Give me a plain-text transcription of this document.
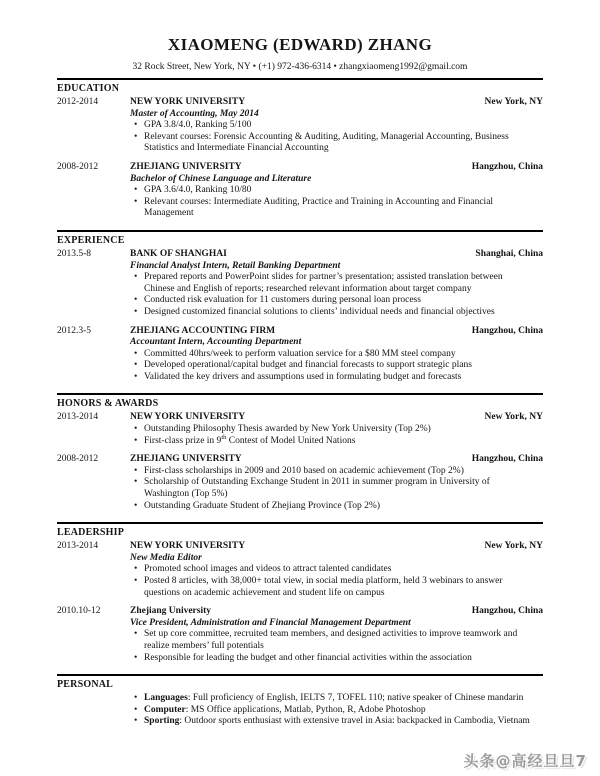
XIAOMENG (EDWARD) ZHANG
32 Rock Street, New York, NY • (+1) 972-436-6314 • zhangxiaomeng1992@gmail.com
EDUCATION
2012-2014	NEW YORK UNIVERSITY	New York, NY
Master of Accounting, May 2014
• GPA 3.8/4.0, Ranking 5/100
• Relevant courses: Forensic Accounting & Auditing, Auditing, Managerial Accounting, Business Statistics and Intermediate Financial Accounting
2008-2012	ZHEJIANG UNIVERSITY	Hangzhou, China
Bachelor of Chinese Language and Literature
• GPA 3.6/4.0, Ranking 10/80
• Relevant courses: Intermediate Auditing, Practice and Training in Accounting and Financial Management
EXPERIENCE
2013.5-8	BANK OF SHANGHAI	Shanghai, China
Financial Analyst Intern, Retail Banking Department
• Prepared reports and PowerPoint slides for partner’s presentation; assisted translation between Chinese and English of reports; researched relevant information about target company
• Conducted risk evaluation for 11 customers during personal loan process
• Designed customized financial solutions to clients’ individual needs and financial objectives
2012.3-5	ZHEJIANG ACCOUNTING FIRM	Hangzhou, China
Accountant Intern, Accounting Department
• Committed 40hrs/week to perform valuation service for a $80 MM steel company
• Developed operational/capital budget and financial forecasts to support strategic plans
• Validated the key drivers and assumptions used in formulating budget and forecasts
HONORS & AWARDS
2013-2014	NEW YORK UNIVERSITY	New York, NY
• Outstanding Philosophy Thesis awarded by New York University (Top 2%)
• First-class prize in 9th Contest of Model United Nations
2008-2012	ZHEJIANG UNIVERSITY	Hangzhou, China
• First-class scholarships in 2009 and 2010 based on academic achievement (Top 2%)
• Scholarship of Outstanding Exchange Student in 2011 in summer program in University of Washington (Top 5%)
• Outstanding Graduate Student of Zhejiang Province (Top 2%)
LEADERSHIP
2013-2014	NEW YORK UNIVERSITY	New York, NY
New Media Editor
• Promoted school images and videos to attract talented candidates
• Posted 8 articles, with 38,000+ total view, in social media platform, held 3 webinars to answer questions on academic achievement and student life on campus
2010.10-12	Zhejiang University	Hangzhou, China
Vice President, Administration and Financial Management Department
• Set up core committee, recruited team members, and designed activities to improve teamwork and realize members’ full potentials
• Responsible for leading the budget and other financial activities within the association
PERSONAL
• Languages: Full proficiency of English, IELTS 7, TOFEL 110; native speaker of Chinese mandarin
• Computer: MS Office applications, Matlab, Python, R, Adobe Photoshop
• Sporting: Outdoor sports enthusiast with extensive travel in Asia: backpacked in Cambodia, Vietnam
头条@高经旦旦7
